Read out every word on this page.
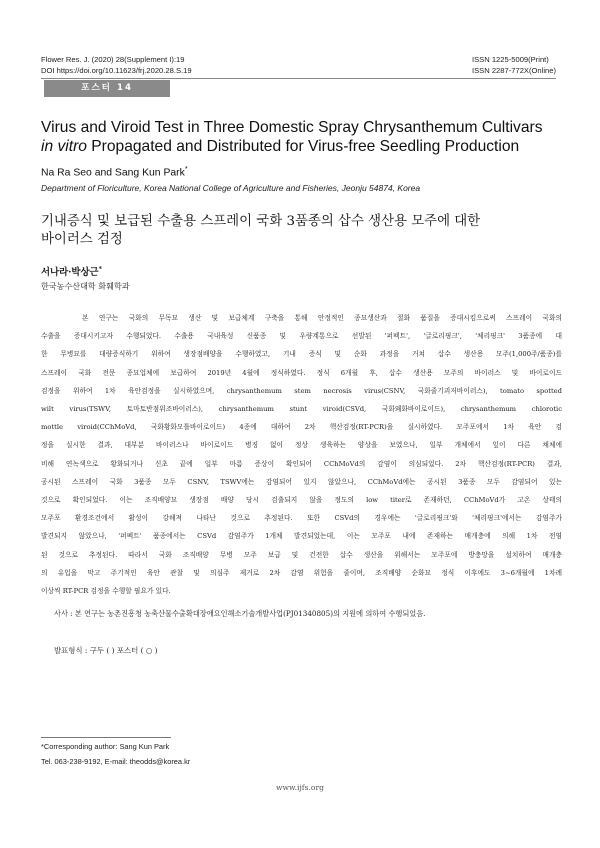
Flower Res. J. (2020) 28(Supplement I):19
DOI https://doi.org/10.11623/frj.2020.28.S.19
ISSN 1225-5009(Print)
ISSN 2287-772X(Online)
포스터 14
Virus and Viroid Test in Three Domestic Spray Chrysanthemum Cultivars
in vitro Propagated and Distributed for Virus-free Seedling Production
Na Ra Seo and Sang Kun Park*
Department of Floriculture, Korea National College of Agriculture and Fisheries, Jeonju 54874, Korea
기내증식 및 보급된 수출용 스프레이 국화 3품종의 삽수 생산용 모주에 대한
바이러스 검정
서나라·박상근*
한국농수산대학 화훼학과
본 연구는 국화의 무독묘 생산 및 보급체계 구축을 통해 안정적인 종묘생산과 절화 품질을 증대시킴으로써 스프레이 국화의
수출을 증대시키고자 수행되었다. 수출용 국내육성 신품종 및 우량계통으로 선발된 '퍼펙트', '글로리핑크', '체리핑크' 3품종에 대
한 무병묘를 대량증식하기 위하여 생장점배양을 수행하였고, 기내 증식 및 순화 과정을 거쳐 삽수 생산용 모주(1,000주/품종)를
스프레이 국화 전문 종묘업체에 보급하여 2019년 4월에 정식하였다. 정식 6개월 후, 삽수 생산용 모주의 바이러스 및 바이로이드
검정을 위하여 1차 육안검정을 실시하였으며, chrysanthemum stem necrosis virus(CSNV, 국화줄기괴저바이러스), tomato spotted
wilt virus(TSWV, 토마토반점위조바이러스), chrysanthemum stunt viroid(CSVd, 국화왜화바이로이드), chrysanthemum chlorotic
mottle viroid(CChMoVd, 국화황화모틀바이로이드) 4종에 대하여 2차 핵산검정(RT-PCR)을 실시하였다. 모주포에서 1차 육안 검
정을 실시한 결과, 대부분 바이러스나 바이로이드 병징 없이 정상 생육하는 양상을 보였으나, 일부 개체에서 잎이 다른 채체에
비해 연녹색으로 황화되거나 신초 끝에 일부 마름 증상이 확인되어 CChMoVd의 감염이 의심되었다. 2차 핵산검정(RT-PCR) 결과,
공시된 스프레이 국화 3품종 모두 CSNV, TSWV에는 감염되어 있지 않았으나, CChMoVd에는 공시된 3품종 모두 감염되어 있는
것으로 확인되었다. 이는 조직배양묘 생장점 배양 당시 검출되지 않을 정도의 low titer로 존재하던, CChMoVd가 고온 상태의
모주포 환경조건에서 활성이 강해져 나타난 것으로 추정된다. 또한 CSVd의 경우에는 '글로리핑크'와 '체리핑크'에서는 감염주가
발견되지 않았으나, '퍼펙트' 품종에서는 CSVd 감염주가 1개체 발견되었는데, 이는 모주포 내에 존재하는 매개충에 의해 1차 전염
된 것으로 추정된다. 따라서 국화 조직배양 무병 모주 보급 및 건전한 삽수 생산을 위해서는 모주포에 방충망을 설치하여 매개충
의 유입을 막고 주기적인 육안 관찰 및 의심주 제거로 2차 감염 위험을 줄이며, 조직배양 순화묘 정식 이후에도 3~6개월에 1차례
이상씩 RT-PCR 검정을 수행할 필요가 있다.
사사 : 본 연구는 농촌진흥청 농축산물수출확대장애요인해소기술개발사업(PJ01340805)의 지원에 의하여 수행되었음.
발표형식 : 구두 ( ) 포스터 ( ○ )
*Corresponding author: Sang Kun Park
Tel. 063-238-9192, E-mail: theodds@korea.kr
www.ijfs.org
